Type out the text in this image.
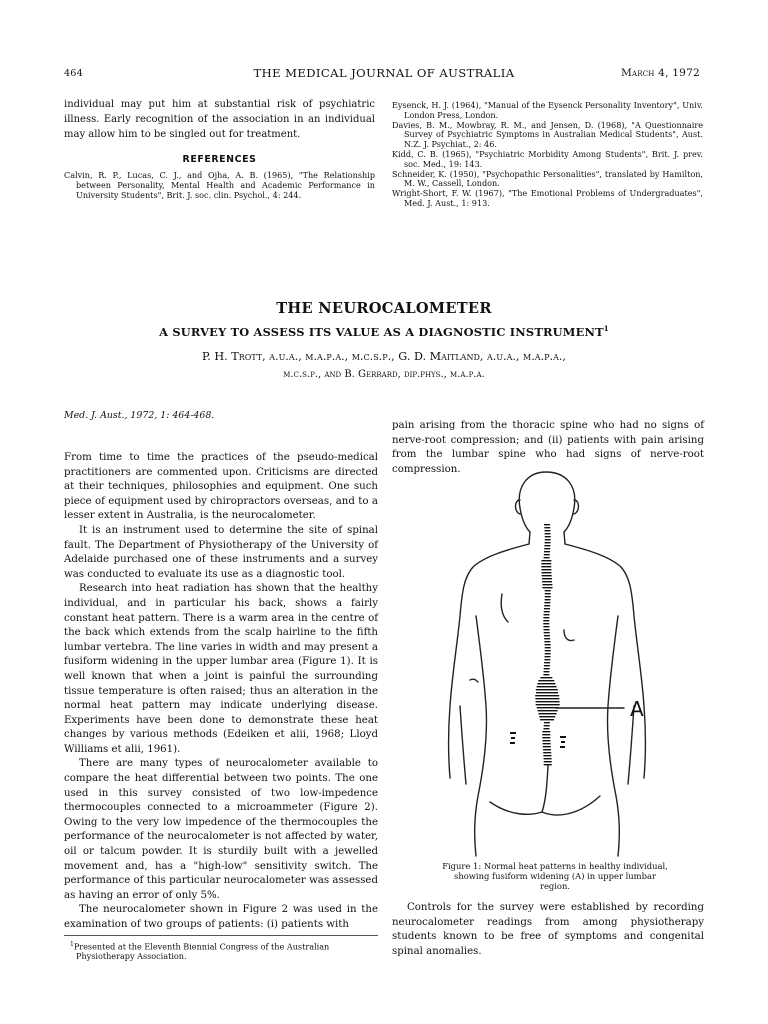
464	THE MEDICAL JOURNAL OF AUSTRALIA	March 4, 1972
individual may put him at substantial risk of psychiatric illness. Early recognition of the association in an individual may allow him to be singled out for treatment.
REFERENCES

Calvin, R. P., Lucas, C. J., and Ojha, A. B. (1965), "The Relationship between Personality, Mental Health and Academic Performance in University Students", Brit. J. soc. clin. Psychol., 4: 244.

Eysenck, H. J. (1964), "Manual of the Eysenck Personality Inventory", Univ. London Press, London.

Davies, B. M., Mowbray, R. M., and Jensen, D. (1968), "A Questionnaire Survey of Psychiatric Symptoms in Australian Medical Students", Aust. N.Z. J. Psychiat., 2: 46.

Kidd, C. B. (1965), "Psychiatric Morbidity Among Students", Brit. J. prev. soc. Med., 19: 143.

Schneider, K. (1950), "Psychopathic Personalities", translated by Hamilton, M. W., Cassell, London.

Wright-Short, F. W. (1967), "The Emotional Problems of Undergraduates", Med. J. Aust., 1: 913.

THE NEUROCALOMETER
A SURVEY TO ASSESS ITS VALUE AS A DIAGNOSTIC INSTRUMENT$^1$
P. H. Trott, a.u.a., m.a.p.a., m.c.s.p., G. D. Maitland, a.u.a., m.a.p.a.,
m.c.s.p., and B. Gerrard, dip.phys., m.a.p.a.
Med. J. Aust., 1972, 1: 464-468.

From time to time the practices of the pseudo-medical practitioners are commented upon. Criticisms are directed at their techniques, philosophies and equipment. One such piece of equipment used by chiropractors overseas, and to a lesser extent in Australia, is the neurocalometer.

It is an instrument used to determine the site of spinal fault. The Department of Physiotherapy of the University of Adelaide purchased one of these instruments and a survey was conducted to evaluate its use as a diagnostic tool.

Research into heat radiation has shown that the healthy individual, and in particular his back, shows a fairly constant heat pattern. There is a warm area in the centre of the back which extends from the scalp hairline to the fifth lumbar vertebra. The line varies in width and may present a fusiform widening in the upper lumbar area (Figure 1). It is well known that when a joint is painful the surrounding tissue temperature is often raised; thus an alteration in the normal heat pattern may indicate underlying disease. Experiments have been done to demonstrate these heat changes by various methods (Edeiken et alii, 1968; Lloyd Williams et alii, 1961).

There are many types of neurocalometer available to compare the heat differential between two points. The one used in this survey consisted of two low-impedence thermocouples connected to a microammeter (Figure 2). Owing to the very low impedence of the thermocouples the performance of the neurocalometer is not affected by water, oil or talcum powder. It is sturdily built with a jewelled movement and, has a "high-low" sensitivity switch. The performance of this particular neurocalometer was assessed as having an error of only 5%.

The neurocalometer shown in Figure 2 was used in the examination of two groups of patients: (i) patients with

$^1$Presented at the Eleventh Biennial Congress of the Australian Physiotherapy Association.

pain arising from the thoracic spine who had no signs of nerve-root compression; and (ii) patients with pain arising from the lumbar spine who had signs of nerve-root compression.

A
Figure 1: Normal heat patterns in healthy individual, showing fusiform widening (A) in upper lumbar region.

Controls for the survey were established by recording neurocalometer readings from among physiotherapy students known to be free of symptoms and congenital spinal anomalies.
